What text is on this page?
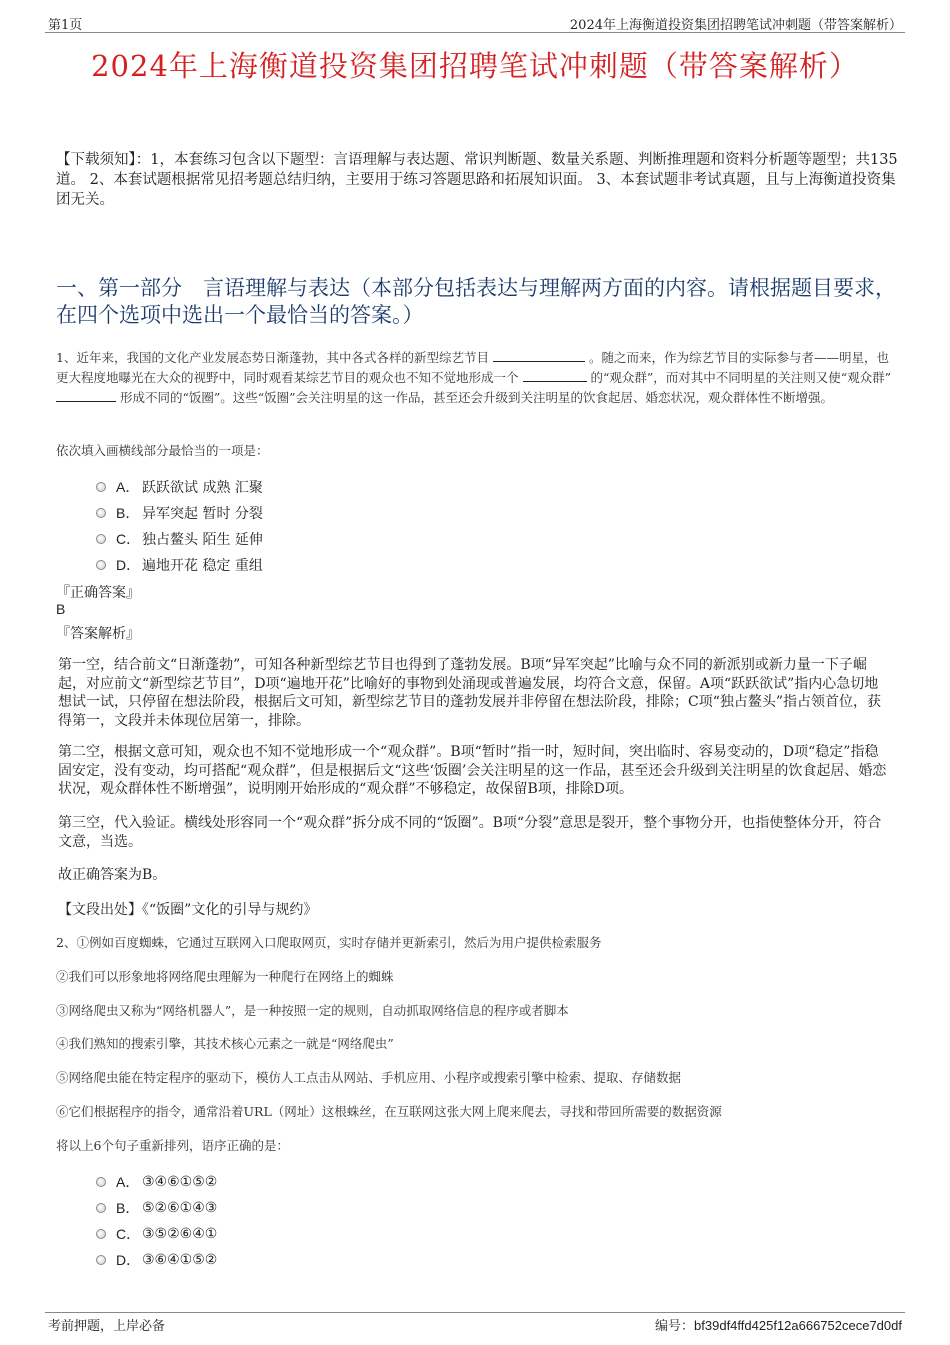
第1页	2024年上海衡道投资集团招聘笔试冲刺题（带答案解析）
2024年上海衡道投资集团招聘笔试冲刺题（带答案解析）
【下载须知】：1，本套练习包含以下题型：言语理解与表达题、常识判断题、数量关系题、判断推理题和资料分析题等题型；共135道。 2、本套试题根据常见招考题总结归纳，主要用于练习答题思路和拓展知识面。 3、本套试题非考试真题，且与上海衡道投资集团无关。
一、第一部分　言语理解与表达（本部分包括表达与理解两方面的内容。请根据题目要求，在四个选项中选出一个最恰当的答案。）
1、近年来，我国的文化产业发展态势日渐蓬勃，其中各式各样的新型综艺节目	。随之而来，作为综艺节目的实际参与者——明星，也更大程度地曝光在大众的视野中，同时观看某综艺节目的观众也不知不觉地形成一个	的“观众群”，而对其中不同明星的关注则又使“观众群”  形成不同的“饭圈”。这些“饭圈”会关注明星的这一作品，甚至还会升级到关注明星的饮食起居、婚恋状况，观众群体性不断增强。
依次填入画横线部分最恰当的一项是：
A． 跃跃欲试 成熟 汇聚
B． 异军突起 暂时 分裂
C． 独占鳌头 陌生 延伸
D． 遍地开花 稳定 重组
『正确答案』
B
『答案解析』
第一空，结合前文“日渐蓬勃”，可知各种新型综艺节目也得到了蓬勃发展。B项“异军突起”比喻与众不同的新派别或新力量一下子崛起，对应前文“新型综艺节目”，D项“遍地开花”比喻好的事物到处涌现或普遍发展，均符合文意，保留。A项“跃跃欲试”指内心急切地想试一试，只停留在想法阶段，根据后文可知，新型综艺节目的蓬勃发展并非停留在想法阶段，排除；C项“独占鳌头”指占领首位，获得第一，文段并未体现位居第一，排除。
第二空，根据文意可知，观众也不知不觉地形成一个“观众群”。B项“暂时”指一时，短时间，突出临时、容易变动的，D项“稳定”指稳固安定，没有变动，均可搭配“观众群”，但是根据后文“这些‘饭圈’会关注明星的这一作品，甚至还会升级到关注明星的饮食起居、婚恋状况，观众群体性不断增强”，说明刚开始形成的“观众群”不够稳定，故保留B项，排除D项。
第三空，代入验证。横线处形容同一个“观众群”拆分成不同的“饭圈”。B项“分裂”意思是裂开，整个事物分开，也指使整体分开，符合文意，当选。
故正确答案为B。
【文段出处】《“饭圈”文化的引导与规约》
2、①例如百度蜘蛛，它通过互联网入口爬取网页，实时存储并更新索引，然后为用户提供检索服务
②我们可以形象地将网络爬虫理解为一种爬行在网络上的蜘蛛
③网络爬虫又称为“网络机器人”，是一种按照一定的规则，自动抓取网络信息的程序或者脚本
④我们熟知的搜索引擎，其技术核心元素之一就是“网络爬虫”
⑤网络爬虫能在特定程序的驱动下，模仿人工点击从网站、手机应用、小程序或搜索引擎中检索、提取、存储数据
⑥它们根据程序的指令，通常沿着URL（网址）这根蛛丝，在互联网这张大网上爬来爬去，寻找和带回所需要的数据资源
将以上6个句子重新排列，语序正确的是：
A． ③④⑥①⑤②
B． ⑤②⑥①④③
C． ③⑤②⑥④①
D． ③⑥④①⑤②
考前押题，上岸必备	编号：bf39df4ffd425f12a666752cece7d0df
